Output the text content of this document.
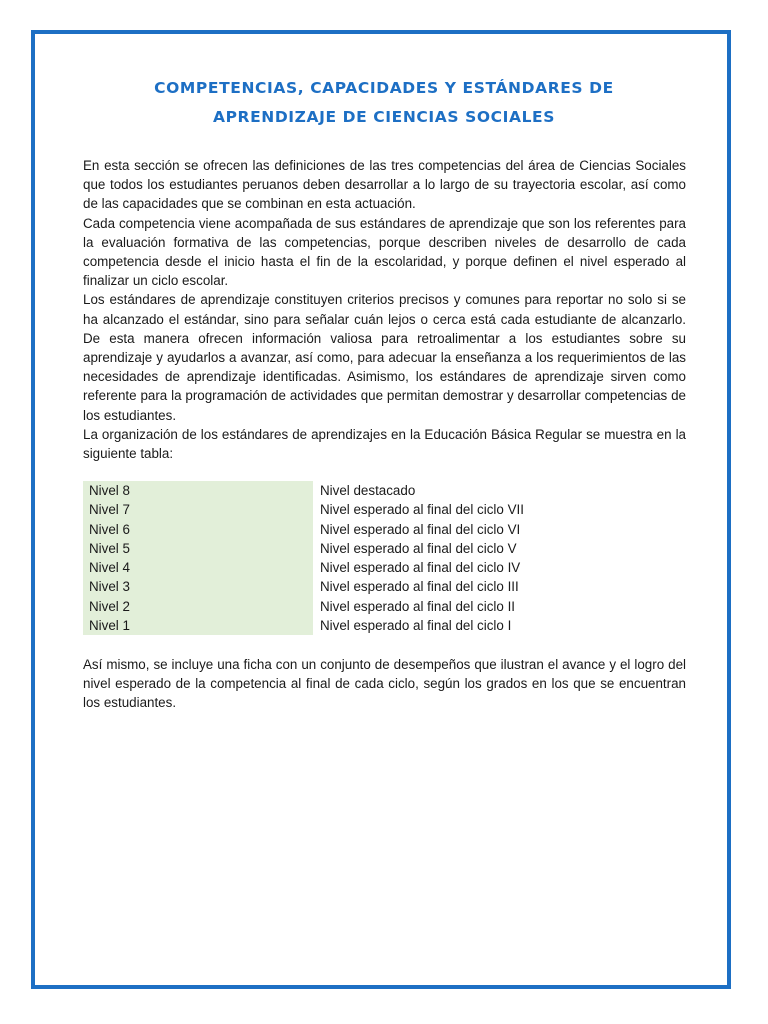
COMPETENCIAS, CAPACIDADES Y ESTÁNDARES DE
APRENDIZAJE DE CIENCIAS SOCIALES

En esta sección se ofrecen las definiciones de las tres competencias del área de Ciencias Sociales que todos los estudiantes peruanos deben desarrollar a lo largo de su trayectoria escolar, así como de las capacidades que se combinan en esta actuación.

Cada competencia viene acompañada de sus estándares de aprendizaje que son los referentes para la evaluación formativa de las competencias, porque describen niveles de desarrollo de cada competencia desde el inicio hasta el fin de la escolaridad, y porque definen el nivel esperado al finalizar un ciclo escolar.

Los estándares de aprendizaje constituyen criterios precisos y comunes para reportar no solo si se ha alcanzado el estándar, sino para señalar cuán lejos o cerca está cada estudiante de alcanzarlo. De esta manera ofrecen información valiosa para retroalimentar a los estudiantes sobre su aprendizaje y ayudarlos a avanzar, así como, para adecuar la enseñanza a los requerimientos de las necesidades de aprendizaje identificadas. Asimismo, los estándares de aprendizaje sirven como referente para la programación de actividades que permitan demostrar y desarrollar competencias de los estudiantes.

La organización de los estándares de aprendizajes en la Educación Básica Regular se muestra en la siguiente tabla:

Nivel 8	Nivel destacado
Nivel 7	Nivel esperado al final del ciclo VII
Nivel 6	Nivel esperado al final del ciclo VI
Nivel 5	Nivel esperado al final del ciclo V
Nivel 4	Nivel esperado al final del ciclo IV
Nivel 3	Nivel esperado al final del ciclo III
Nivel 2	Nivel esperado al final del ciclo II
Nivel 1	Nivel esperado al final del ciclo I

Así mismo, se incluye una ficha con un conjunto de desempeños que ilustran el avance y el logro del nivel esperado de la competencia al final de cada ciclo, según los grados en los que se encuentran los estudiantes.
